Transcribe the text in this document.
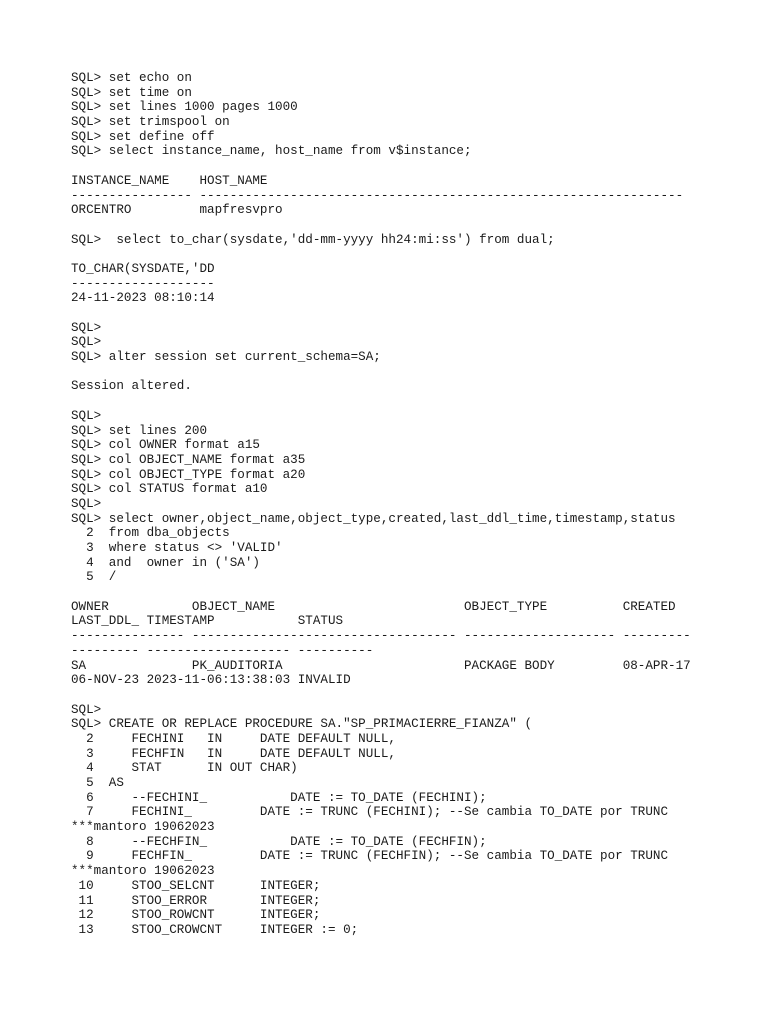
SQL> set echo on
SQL> set time on
SQL> set lines 1000 pages 1000
SQL> set trimspool on
SQL> set define off
SQL> select instance_name, host_name from v$instance;
INSTANCE_NAME    HOST_NAME
---------------- ----------------------------------------------------------------
ORCENTRO         mapfresvpro
SQL>  select to_char(sysdate,'dd-mm-yyyy hh24:mi:ss') from dual;
TO_CHAR(SYSDATE,'DD
-------------------
24-11-2023 08:10:14
SQL>
SQL>
SQL> alter session set current_schema=SA;
Session altered.
SQL>
SQL> set lines 200
SQL> col OWNER format a15
SQL> col OBJECT_NAME format a35
SQL> col OBJECT_TYPE format a20
SQL> col STATUS format a10
SQL>
SQL> select owner,object_name,object_type,created,last_ddl_time,timestamp,status
2  from dba_objects
3  where status <> 'VALID'
4  and  owner in ('SA')
5  /
OWNER           OBJECT_NAME                         OBJECT_TYPE          CREATED
LAST_DDL_ TIMESTAMP           STATUS
--------------- ----------------------------------- -------------------- ---------
--------- ------------------- ----------
SA              PK_AUDITORIA                        PACKAGE BODY         08-APR-17
06-NOV-23 2023-11-06:13:38:03 INVALID
SQL>
SQL> CREATE OR REPLACE PROCEDURE SA."SP_PRIMACIERRE_FIANZA" (
2     FECHINI   IN     DATE DEFAULT NULL,
3     FECHFIN   IN     DATE DEFAULT NULL,
4     STAT      IN OUT CHAR)
5  AS
6     --FECHINI_           DATE := TO_DATE (FECHINI);
7     FECHINI_         DATE := TRUNC (FECHINI); --Se cambia TO_DATE por TRUNC
***mantoro 19062023
8     --FECHFIN_           DATE := TO_DATE (FECHFIN);
9     FECHFIN_         DATE := TRUNC (FECHFIN); --Se cambia TO_DATE por TRUNC
***mantoro 19062023
10     STOO_SELCNT      INTEGER;
11     STOO_ERROR       INTEGER;
12     STOO_ROWCNT      INTEGER;
13     STOO_CROWCNT     INTEGER := 0;
